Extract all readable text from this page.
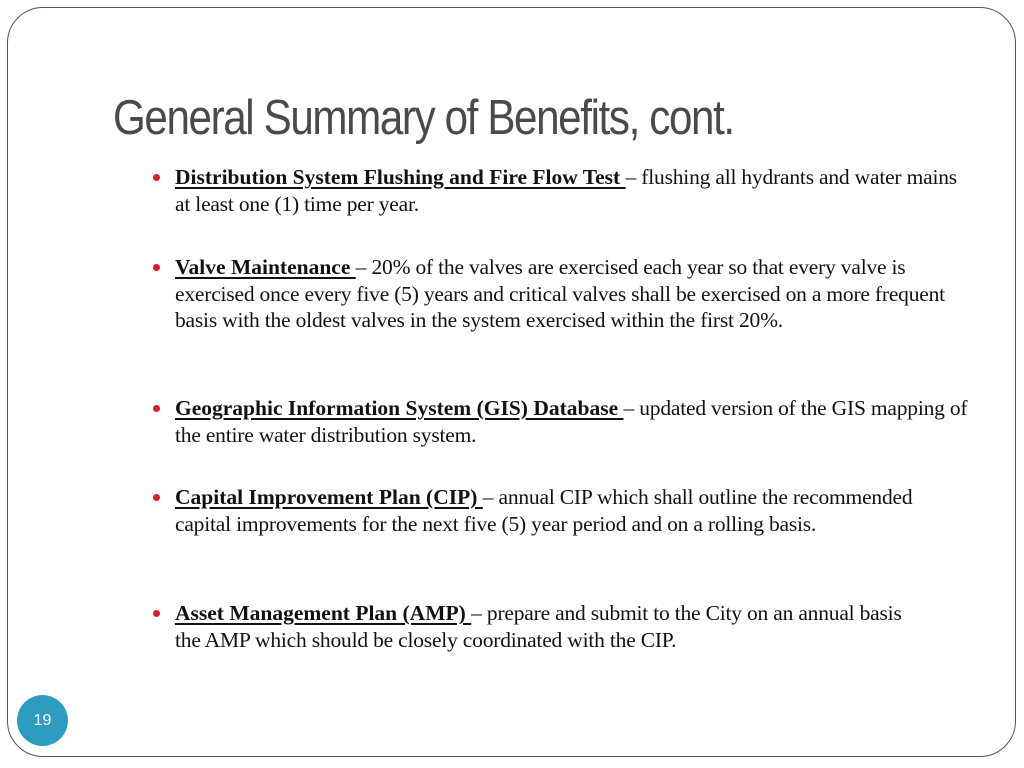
General Summary of Benefits, cont.
Distribution System Flushing and Fire Flow Test – flushing all hydrants and water mains at least one (1) time per year.
Valve Maintenance – 20% of the valves are exercised each year so that every valve is exercised once every five (5) years and critical valves shall be exercised on a more frequent basis with the oldest valves in the system exercised within the first 20%.
Geographic Information System (GIS) Database – updated version of the GIS mapping of the entire water distribution system.
Capital Improvement Plan (CIP) – annual CIP which shall outline the recommended capital improvements for the next five (5) year period and on a rolling basis.
Asset Management Plan (AMP) – prepare and submit to the City on an annual basis the AMP which should be closely coordinated with the CIP.
19
